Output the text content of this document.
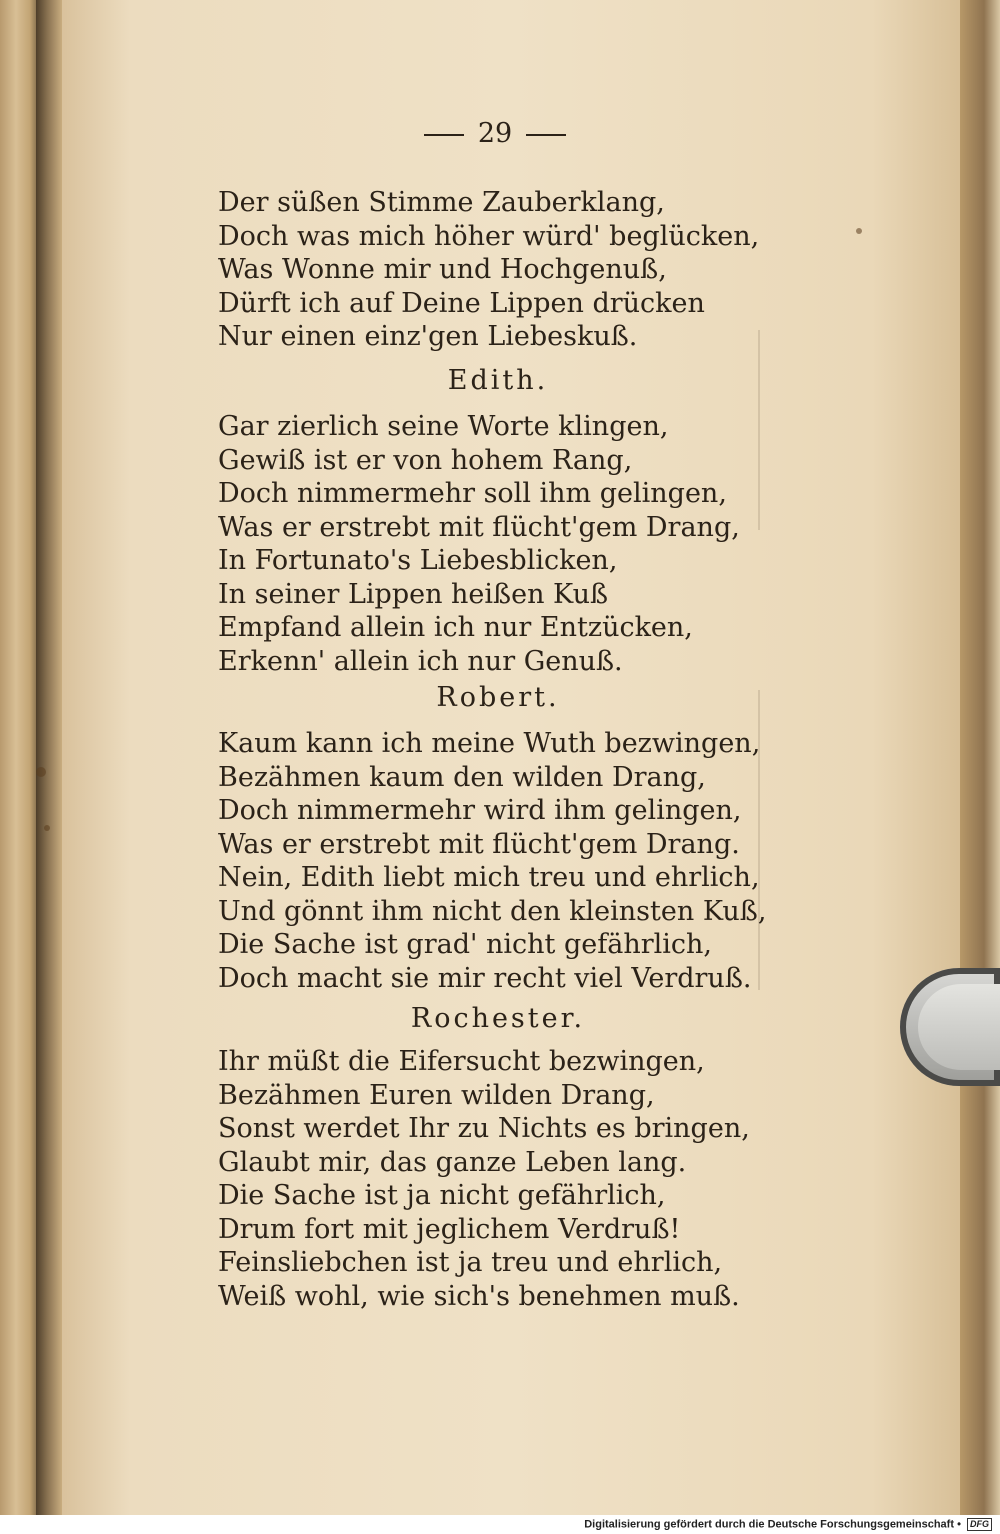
29
Der süßen Stimme Zauberklang,
Doch was mich höher würd' beglücken,
Was Wonne mir und Hochgenuß,
Dürft ich auf Deine Lippen drücken
Nur einen einz'gen Liebeskuß.
Edith.
Gar zierlich seine Worte klingen,
Gewiß ist er von hohem Rang,
Doch nimmermehr soll ihm gelingen,
Was er erstrebt mit flücht'gem Drang,
In Fortunato's Liebesblicken,
In seiner Lippen heißen Kuß
Empfand allein ich nur Entzücken,
Erkenn' allein ich nur Genuß.
Robert.
Kaum kann ich meine Wuth bezwingen,
Bezähmen kaum den wilden Drang,
Doch nimmermehr wird ihm gelingen,
Was er erstrebt mit flücht'gem Drang.
Nein, Edith liebt mich treu und ehrlich,
Und gönnt ihm nicht den kleinsten Kuß,
Die Sache ist grad' nicht gefährlich,
Doch macht sie mir recht viel Verdruß.
Rochester.
Ihr müßt die Eifersucht bezwingen,
Bezähmen Euren wilden Drang,
Sonst werdet Ihr zu Nichts es bringen,
Glaubt mir, das ganze Leben lang.
Die Sache ist ja nicht gefährlich,
Drum fort mit jeglichem Verdruß!
Feinsliebchen ist ja treu und ehrlich,
Weiß wohl, wie sich's benehmen muß.
Digitalisierung gefördert durch die Deutsche Forschungsgemeinschaft • DFG
